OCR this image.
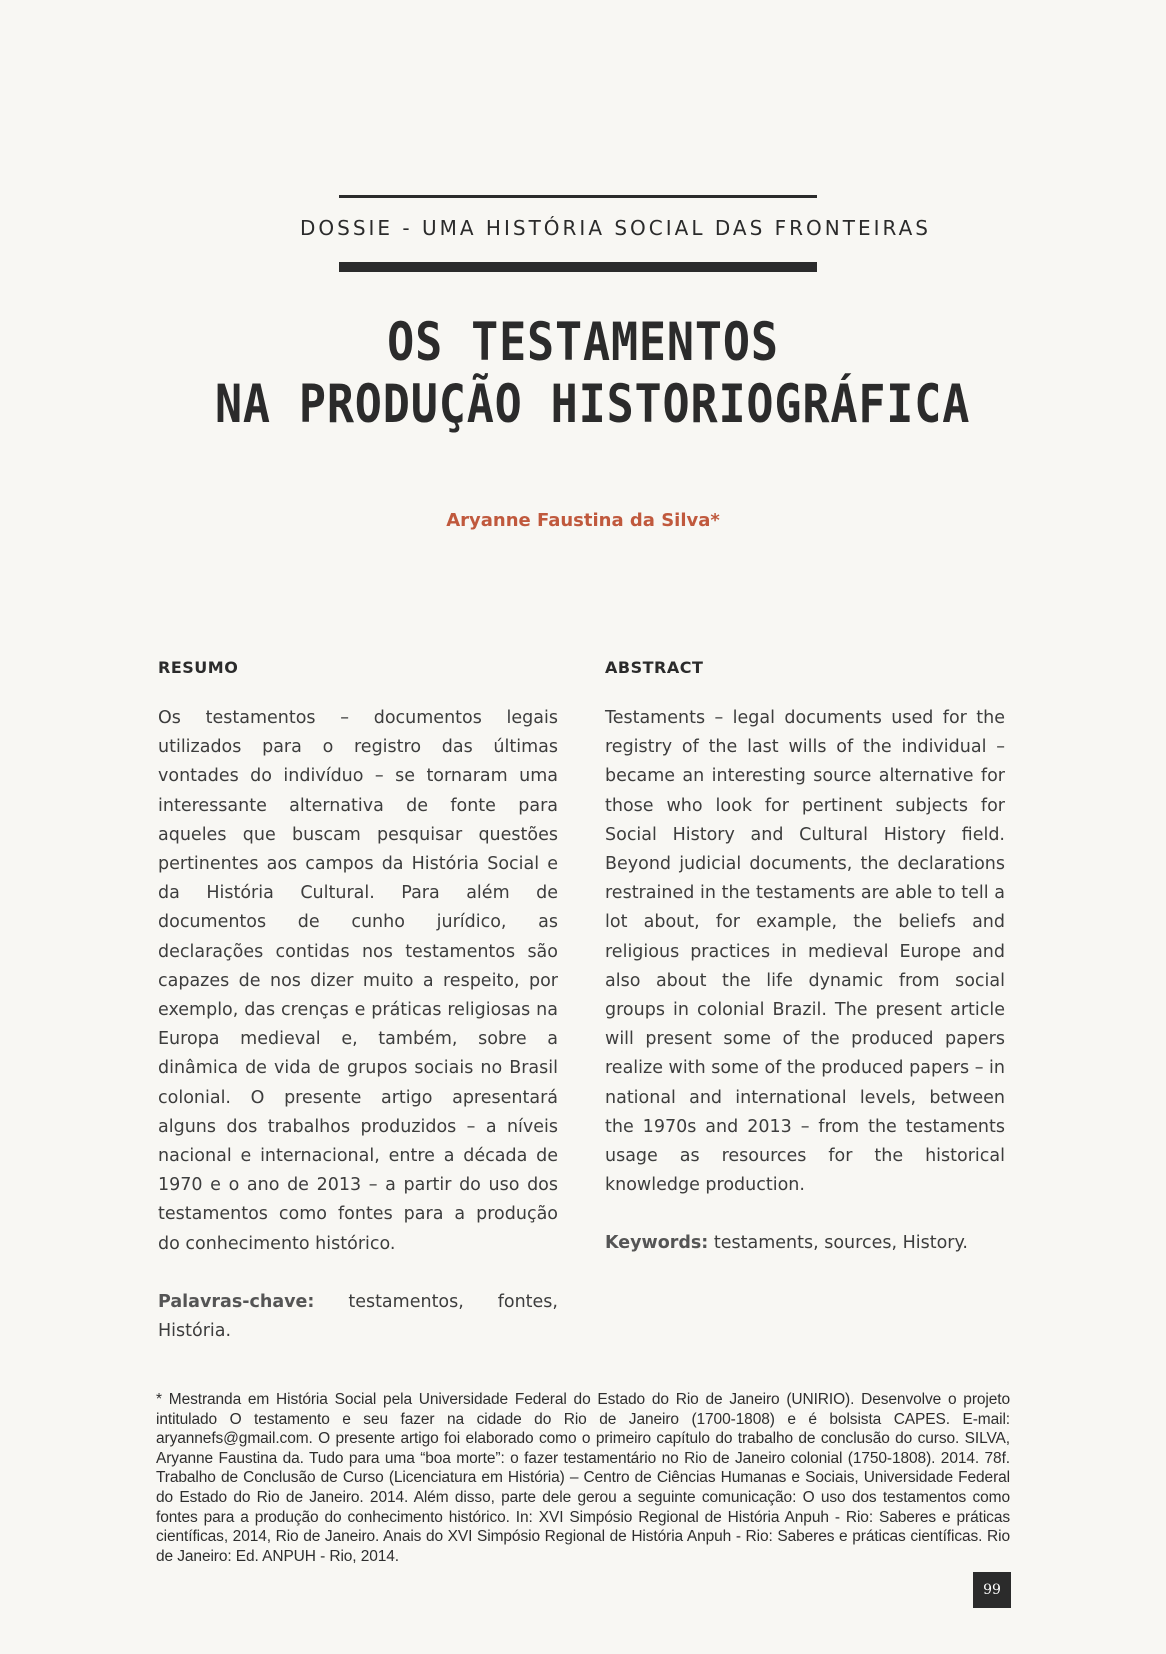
DOSSIE - UMA HISTÓRIA SOCIAL DAS FRONTEIRAS
OS TESTAMENTOS
NA PRODUÇÃO HISTORIOGRÁFICA
Aryanne Faustina da Silva*
RESUMO

Os testamentos – documentos legais utilizados para o registro das últimas vontades do indivíduo – se tornaram uma interessante alternativa de fonte para aqueles que buscam pesquisar questões pertinentes aos campos da História Social e da História Cultural. Para além de documentos de cunho jurídico, as declarações contidas nos testamentos são capazes de nos dizer muito a respeito, por exemplo, das crenças e práticas religiosas na Europa medieval e, também, sobre a dinâmica de vida de grupos sociais no Brasil colonial. O presente artigo apresentará alguns dos trabalhos produzidos – a níveis nacional e internacional, entre a década de 1970 e o ano de 2013 – a partir do uso dos testamentos como fontes para a produção do conhecimento histórico.

Palavras-chave: testamentos, fontes, História.

ABSTRACT

Testaments – legal documents used for the registry of the last wills of the individual – became an interesting source alternative for those who look for pertinent subjects for Social History and Cultural History field. Beyond judicial documents, the declarations restrained in the testaments are able to tell a lot about, for example, the beliefs and religious practices in medieval Europe and also about the life dynamic from social groups in colonial Brazil. The present article will present some of the produced papers realize with some of the produced papers – in national and international levels, between the 1970s and 2013 – from the testaments usage as resources for the historical knowledge production.

Keywords: testaments, sources, History.

* Mestranda em História Social pela Universidade Federal do Estado do Rio de Janeiro (UNIRIO). Desenvolve o projeto intitulado O testamento e seu fazer na cidade do Rio de Janeiro (1700-1808) e é bolsista CAPES. E-mail: aryannefs@gmail.com. O presente artigo foi elaborado como o primeiro capítulo do trabalho de conclusão do curso. SILVA, Aryanne Faustina da. Tudo para uma “boa morte”: o fazer testamentário no Rio de Janeiro colonial (1750-1808). 2014. 78f. Trabalho de Conclusão de Curso (Licenciatura em História) – Centro de Ciências Humanas e Sociais, Universidade Federal do Estado do Rio de Janeiro. 2014. Além disso, parte dele gerou a seguinte comunicação: O uso dos testamentos como fontes para a produção do conhecimento histórico. In: XVI Simpósio Regional de História Anpuh - Rio: Saberes e práticas científicas, 2014, Rio de Janeiro. Anais do XVI Simpósio Regional de História Anpuh - Rio: Saberes e práticas científicas. Rio de Janeiro: Ed. ANPUH - Rio, 2014.
99
